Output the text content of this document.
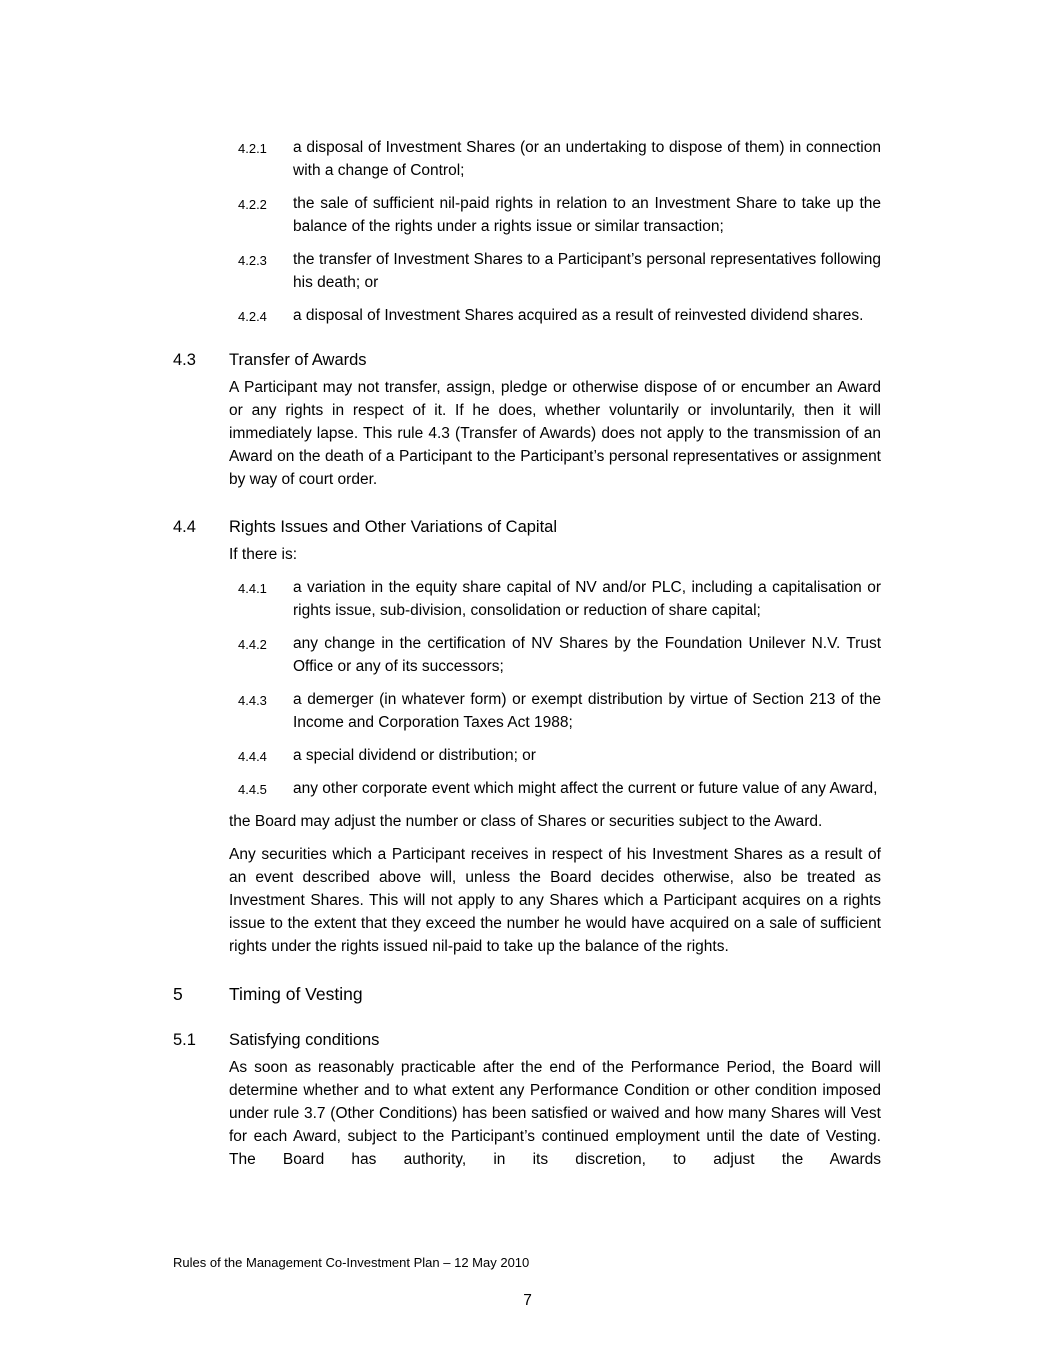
4.2.1 a disposal of Investment Shares (or an undertaking to dispose of them) in connection with a change of Control;
4.2.2 the sale of sufficient nil-paid rights in relation to an Investment Share to take up the balance of the rights under a rights issue or similar transaction;
4.2.3 the transfer of Investment Shares to a Participant’s personal representatives following his death; or
4.2.4 a disposal of Investment Shares acquired as a result of reinvested dividend shares.
4.3 Transfer of Awards
A Participant may not transfer, assign, pledge or otherwise dispose of or encumber an Award or any rights in respect of it. If he does, whether voluntarily or involuntarily, then it will immediately lapse. This rule 4.3 (Transfer of Awards) does not apply to the transmission of an Award on the death of a Participant to the Participant’s personal representatives or assignment by way of court order.
4.4 Rights Issues and Other Variations of Capital
If there is:
4.4.1 a variation in the equity share capital of NV and/or PLC, including a capitalisation or rights issue, sub-division, consolidation or reduction of share capital;
4.4.2 any change in the certification of NV Shares by the Foundation Unilever N.V. Trust Office or any of its successors;
4.4.3 a demerger (in whatever form) or exempt distribution by virtue of Section 213 of the Income and Corporation Taxes Act 1988;
4.4.4 a special dividend or distribution; or
4.4.5 any other corporate event which might affect the current or future value of any Award,
the Board may adjust the number or class of Shares or securities subject to the Award.
Any securities which a Participant receives in respect of his Investment Shares as a result of an event described above will, unless the Board decides otherwise, also be treated as Investment Shares. This will not apply to any Shares which a Participant acquires on a rights issue to the extent that they exceed the number he would have acquired on a sale of sufficient rights under the rights issued nil-paid to take up the balance of the rights.
5	Timing of Vesting
5.1 Satisfying conditions
As soon as reasonably practicable after the end of the Performance Period, the Board will determine whether and to what extent any Performance Condition or other condition imposed under rule 3.7 (Other Conditions) has been satisfied or waived and how many Shares will Vest for each Award, subject to the Participant’s continued employment until the date of Vesting. The Board has authority, in its discretion, to adjust the Awards
Rules of the Management Co-Investment Plan – 12 May 2010
7
